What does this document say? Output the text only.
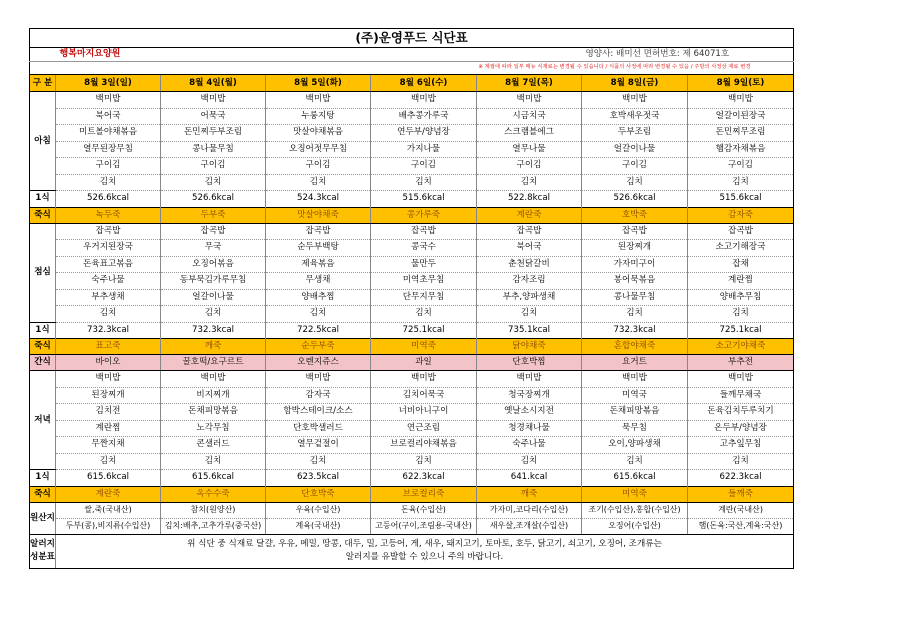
(주)운영푸드 식단표							
	행복마지요양원					영양사: 배미선 면허번호: 제 64071호	
					※ 계절에 따라 일부 메뉴 식재료는 변경될 수 있습니다 / 식품의 사정에 따라 변경될 수 있음 / 주방의 사정상 재료 변경		
구 분	8월 3일(일)	8월 4일(월)	8월 5일(화)	8월 6일(수)	8월 7일(목)	8월 8일(금)	8월 9일(토)
아침	백미밥	백미밥	백미밥	백미밥	백미밥	백미밥	백미밥
	북어국	어묵국	누룽지탕	배추콩가루국	시금치국	호박새우젓국	얼갈이된장국
	미트볼야채볶음	돈민찌두부조림	맛살야채볶음	연두부/양념장	스크램블에그	두부조림	돈민찌무조림
	열무된장무침	콩나물무침	오징어젓무무침	가지나물	열무나물	얼갈이나물	햄감자채볶음
	구이김	구이김	구이김	구이김	구이김	구이김	구이김
	김치	김치	김치	김치	김치	김치	김치
1식	526.6kcal	526.6kcal	524.3kcal	515.6kcal	522.8kcal	526.6kcal	515.6kcal
죽식	녹두죽	두부죽	맛살야채죽	콩가루죽	계란죽	호박죽	감자죽
점심	잡곡밥	잡곡밥	잡곡밥	잡곡밥	잡곡밥	잡곡밥	잡곡밥
	우거지된장국	무국	순두부백탕	콩국수	북어국	된장찌개	소고기해장국
	돈육표고볶음	오징어볶음	제육볶음	물만두	춘천닭갈비	가자미구이	잡채
	숙주나물	동부묵김가루무침	무생채	미역초무침	감자조림	봉어묵볶음	계란찜
	부추생채	얼갈이나물	양배추찜	단무지무침	부추,양파생채	콩나물무침	양배추무침
	김치	김치	김치	김치	김치	김치	김치
1식	732.3kcal	732.3kcal	722.5kcal	725.1kcal	735.1kcal	732.3kcal	725.1kcal
죽식	표고죽	깨죽	순두부죽	미역죽	닭야채죽	혼합야채죽	소고기야채죽
간식	바이오	꿀호떡/요구르트	오렌지쥬스	과일	단호박찜	요거트	부추전
저녁	백미밥	백미밥	백미밥	백미밥	백미밥	백미밥	백미밥
	된장찌개	비지찌개	감자국	김치어묵국	청국장찌개	미역국	들깨무채국
	김치전	돈채피망볶음	함박스테이크/소스	너비아니구이	옛날소시지전	돈채피망볶음	돈육김치두루치기
	계란찜	노각무침	단호박샐러드	연근조림	청경채나물	묵무침	온두부/양념장
	무짠지채	콘샐러드	열무겉절이	브로컬리야채볶음	숙주나물	오이,양파생채	고추잎무침
	김치	김치	김치	김치	김치	김치	김치
1식	615.6kcal	615.6kcal	623.5kcal	622.3kcal	641.kcal	615.6kcal	622.3kcal
죽식	계란죽	옥수수죽	단호박죽	브로컬리죽	깨죽	미역죽	들깨죽
원산지	쌀,죽(국내산)	참치(원양산)	우육(수입산)	돈육(수입산)	가자미,코다리(수입산)	조기(수입산),홍합(수입산)	계란(국내산)
	두부(콩),비지류(수입산)	김치:배추,고추가루(중국산)	계육(국내산)	고등어(구이,조림용-국내산)	새우살,조개살(수입산)	오징어(수입산)	햄(돈육:국산,계육:국산)

알러지
성분표	위 식단 중 식재료 달걀, 우유, 메밀, 땅콩, 대두, 밀, 고등어, 게, 새우, 돼지고기, 토마토, 호두, 닭고기, 쇠고기, 오징어, 조개류는
알러지를 유발할 수 있으니 주의 바랍니다.						
